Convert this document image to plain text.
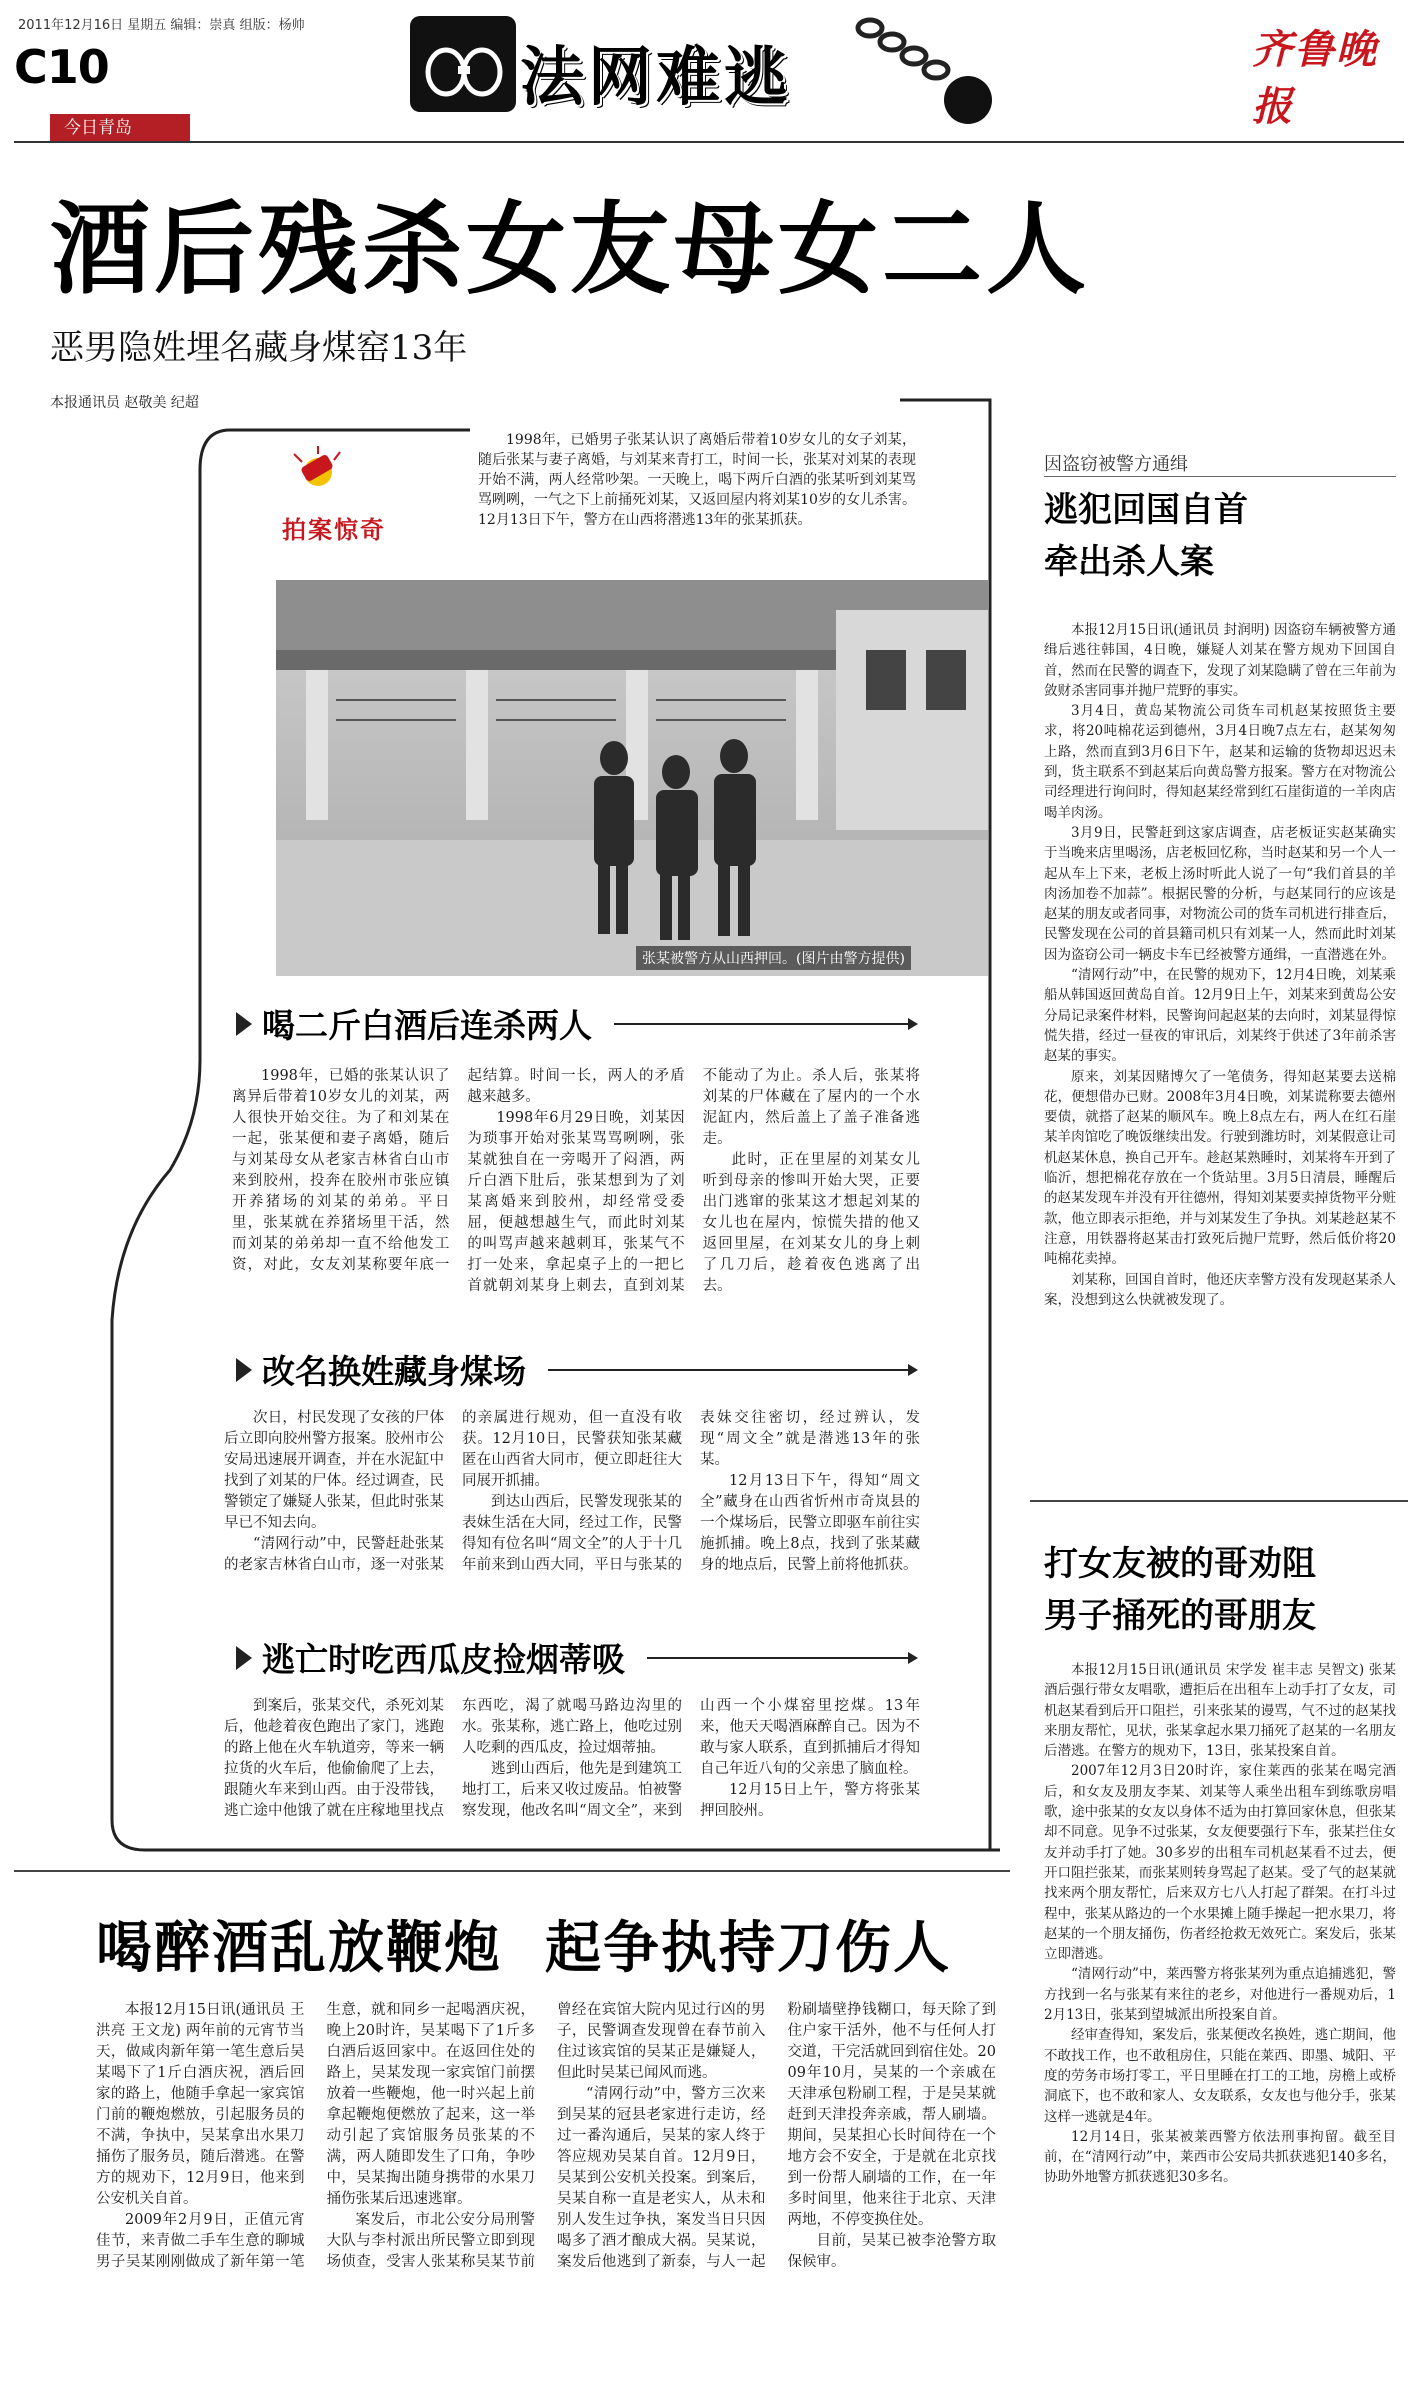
2011年12月16日 星期五 编辑：崇真 组版：杨帅
C10
今日青岛
法网难逃	齐鲁晚报
酒后残杀女友母女二人
恶男隐姓埋名藏身煤窑13年
本报通讯员 赵敬美 纪超
拍案惊奇

1998年，已婚男子张某认识了离婚后带着10岁女儿的女子刘某，随后张某与妻子离婚，与刘某来青打工，时间一长，张某对刘某的表现开始不满，两人经常吵架。一天晚上，喝下两斤白酒的张某听到刘某骂骂咧咧，一气之下上前捅死刘某，又返回屋内将刘某10岁的女儿杀害。12月13日下午，警方在山西将潜逃13年的张某抓获。

张某被警方从山西押回。(图片由警方提供)
喝二斤白酒后连杀两人

1998年，已婚的张某认识了离异后带着10岁女儿的刘某，两人很快开始交往。为了和刘某在一起，张某便和妻子离婚，随后与刘某母女从老家吉林省白山市来到胶州，投奔在胶州市张应镇开养猪场的刘某的弟弟。平日里，张某就在养猪场里干活，然而刘某的弟弟却一直不给他发工资，对此，女友刘某称要年底一起结算。时间一长，两人的矛盾越来越多。

1998年6月29日晚，刘某因为琐事开始对张某骂骂咧咧，张某就独自在一旁喝开了闷酒，两斤白酒下肚后，张某想到为了刘某离婚来到胶州，却经常受委屈，便越想越生气，而此时刘某的叫骂声越来越刺耳，张某气不打一处来，拿起桌子上的一把匕首就朝刘某身上刺去，直到刘某不能动了为止。杀人后，张某将刘某的尸体藏在了屋内的一个水泥缸内，然后盖上了盖子准备逃走。

此时，正在里屋的刘某女儿听到母亲的惨叫开始大哭，正要出门逃窜的张某这才想起刘某的女儿也在屋内，惊慌失措的他又返回里屋，在刘某女儿的身上刺了几刀后，趁着夜色逃离了出去。

改名换姓藏身煤场

次日，村民发现了女孩的尸体后立即向胶州警方报案。胶州市公安局迅速展开调查，并在水泥缸中找到了刘某的尸体。经过调查，民警锁定了嫌疑人张某，但此时张某早已不知去向。

“清网行动”中，民警赶赴张某的老家吉林省白山市，逐一对张某的亲属进行规劝，但一直没有收获。12月10日，民警获知张某藏匿在山西省大同市，便立即赶往大同展开抓捕。

到达山西后，民警发现张某的表妹生活在大同，经过工作，民警得知有位名叫“周文全”的人于十几年前来到山西大同，平日与张某的表妹交往密切，经过辨认，发现“周文全”就是潜逃13年的张某。

12月13日下午，得知“周文全”藏身在山西省忻州市奇岚县的一个煤场后，民警立即驱车前往实施抓捕。晚上8点，找到了张某藏身的地点后，民警上前将他抓获。

逃亡时吃西瓜皮捡烟蒂吸

到案后，张某交代，杀死刘某后，他趁着夜色跑出了家门，逃跑的路上他在火车轨道旁，等来一辆拉货的火车后，他偷偷爬了上去，跟随火车来到山西。由于没带钱，逃亡途中他饿了就在庄稼地里找点东西吃，渴了就喝马路边沟里的水。张某称，逃亡路上，他吃过别人吃剩的西瓜皮，捡过烟蒂抽。

逃到山西后，他先是到建筑工地打工，后来又收过废品。怕被警察发现，他改名叫“周文全”，来到山西一个小煤窑里挖煤。13年来，他天天喝酒麻醉自己。因为不敢与家人联系，直到抓捕后才得知自己年近八旬的父亲患了脑血栓。

12月15日上午，警方将张某押回胶州。

因盗窃被警方通缉
逃犯回国自首
牵出杀人案

本报12月15日讯(通讯员 封润明) 因盗窃车辆被警方通缉后逃往韩国，4日晚，嫌疑人刘某在警方规劝下回国自首，然而在民警的调查下，发现了刘某隐瞒了曾在三年前为敛财杀害同事并抛尸荒野的事实。

3月4日，黄岛某物流公司货车司机赵某按照货主要求，将20吨棉花运到德州，3月4日晚7点左右，赵某匆匆上路，然而直到3月6日下午，赵某和运输的货物却迟迟未到，货主联系不到赵某后向黄岛警方报案。警方在对物流公司经理进行询问时，得知赵某经常到红石崖街道的一羊肉店喝羊肉汤。

3月9日，民警赶到这家店调查，店老板证实赵某确实于当晚来店里喝汤，店老板回忆称，当时赵某和另一个人一起从车上下来，老板上汤时听此人说了一句“我们首县的羊肉汤加卷不加蒜”。根据民警的分析，与赵某同行的应该是赵某的朋友或者同事，对物流公司的货车司机进行排查后，民警发现在公司的首县籍司机只有刘某一人，然而此时刘某因为盗窃公司一辆皮卡车已经被警方通缉，一直潜逃在外。

“清网行动”中，在民警的规劝下，12月4日晚，刘某乘船从韩国返回黄岛自首。12月9日上午，刘某来到黄岛公安分局记录案件材料，民警询问起赵某的去向时，刘某显得惊慌失措，经过一昼夜的审讯后，刘某终于供述了3年前杀害赵某的事实。

原来，刘某因赌博欠了一笔债务，得知赵某要去送棉花，便想借办已财。2008年3月4日晚，刘某谎称要去德州要债，就搭了赵某的顺风车。晚上8点左右，两人在红石崖某羊肉馆吃了晚饭继续出发。行驶到潍坊时，刘某假意让司机赵某休息，换自己开车。趁赵某熟睡时，刘某将车开到了临沂，想把棉花存放在一个货站里。3月5日清晨，睡醒后的赵某发现车并没有开往德州，得知刘某要卖掉货物平分赃款，他立即表示拒绝，并与刘某发生了争执。刘某趁赵某不注意，用铁器将赵某击打致死后抛尸荒野，然后低价将20吨棉花卖掉。

刘某称，回国自首时，他还庆幸警方没有发现赵某杀人案，没想到这么快就被发现了。

打女友被的哥劝阻
男子捅死的哥朋友

本报12月15日讯(通讯员 宋学发 崔丰志 吴智文) 张某酒后强行带女友唱歌，遭拒后在出租车上动手打了女友，司机赵某看到后开口阻拦，引来张某的谩骂，气不过的赵某找来朋友帮忙，见状，张某拿起水果刀捅死了赵某的一名朋友后潜逃。在警方的规劝下，13日，张某投案自首。

2007年12月3日20时许，家住莱西的张某在喝完酒后，和女友及朋友李某、刘某等人乘坐出租车到练歌房唱歌，途中张某的女友以身体不适为由打算回家休息，但张某却不同意。见争不过张某，女友便要强行下车，张某拦住女友并动手打了她。30多岁的出租车司机赵某看不过去，便开口阻拦张某，而张某则转身骂起了赵某。受了气的赵某就找来两个朋友帮忙，后来双方七八人打起了群架。在打斗过程中，张某从路边的一个水果摊上随手操起一把水果刀，将赵某的一个朋友捅伤，伤者经抢救无效死亡。案发后，张某立即潜逃。

“清网行动”中，莱西警方将张某列为重点追捕逃犯，警方找到一名与张某有来往的老乡，对他进行一番规劝后，12月13日，张某到望城派出所投案自首。

经审查得知，案发后，张某便改名换姓，逃亡期间，他不敢找工作，也不敢租房住，只能在莱西、即墨、城阳、平度的劳务市场打零工，平日里睡在打工的工地，房檐上或桥洞底下，也不敢和家人、女友联系，女友也与他分手，张某这样一逃就是4年。

12月14日，张某被莱西警方依法刑事拘留。截至目前，在“清网行动”中，莱西市公安局共抓获逃犯140多名，协助外地警方抓获逃犯30多名。

喝醉酒乱放鞭炮  起争执持刀伤人

本报12月15日讯(通讯员 王洪亮 王文龙) 两年前的元宵节当天，做咸肉新年第一笔生意后吴某喝下了1斤白酒庆祝，酒后回家的路上，他随手拿起一家宾馆门前的鞭炮燃放，引起服务员的不满，争执中，吴某拿出水果刀捅伤了服务员，随后潜逃。在警方的规劝下，12月9日，他来到公安机关自首。

2009年2月9日，正值元宵佳节，来青做二手车生意的聊城男子吴某刚刚做成了新年第一笔生意，就和同乡一起喝酒庆祝，晚上20时许，吴某喝下了1斤多白酒后返回家中。在返回住处的路上，吴某发现一家宾馆门前摆放着一些鞭炮，他一时兴起上前拿起鞭炮便燃放了起来，这一举动引起了宾馆服务员张某的不满，两人随即发生了口角，争吵中，吴某掏出随身携带的水果刀捅伤张某后迅速逃窜。

案发后，市北公安分局刑警大队与李村派出所民警立即到现场侦查，受害人张某称吴某节前曾经在宾馆大院内见过行凶的男子，民警调查发现曾在春节前入住过该宾馆的吴某正是嫌疑人，但此时吴某已闻风而逃。

“清网行动”中，警方三次来到吴某的冠县老家进行走访，经过一番沟通后，吴某的家人终于答应规劝吴某自首。12月9日，吴某到公安机关投案。到案后，吴某自称一直是老实人，从未和别人发生过争执，案发当日只因喝多了酒才酿成大祸。吴某说，案发后他逃到了新泰，与人一起粉刷墙壁挣钱糊口，每天除了到住户家干活外，他不与任何人打交道，干完活就回到宿住处。2009年10月，吴某的一个亲戚在天津承包粉刷工程，于是吴某就赶到天津投奔亲戚，帮人刷墙。期间，吴某担心长时间待在一个地方会不安全，于是就在北京找到一份帮人刷墙的工作，在一年多时间里，他来往于北京、天津两地，不停变换住处。

目前，吴某已被李沧警方取保候审。
